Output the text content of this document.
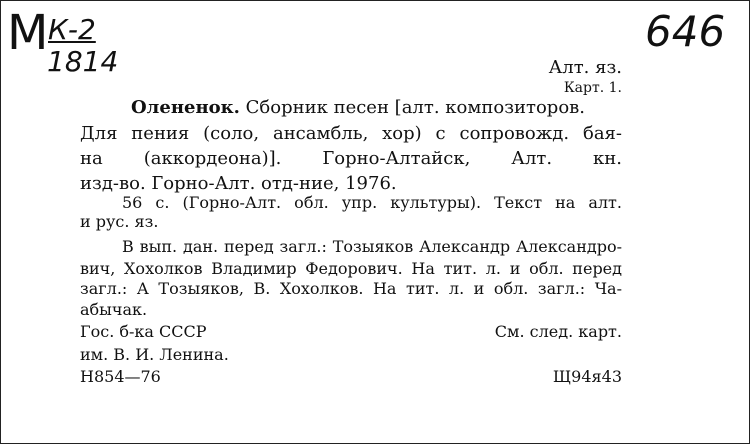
М К-2
1814
646
Алт. яз.
Карт. 1.
Олененок. Сборник песен [алт. композиторов.
Для пения (соло, ансамбль, хор) с сопровожд. бая-
на (аккордеона)]. Горно-Алтайск, Алт. кн.
изд-во. Горно-Алт. отд-ние, 1976.
56 с. (Горно-Алт. обл. упр. культуры). Текст на алт.
и рус. яз.
В вып. дан. перед загл.: Тозыяков Александр Александро-
вич, Хохолков Владимир Федорович. На тит. л. и обл. перед
загл.: А Тозыяков, В. Хохолков. На тит. л. и обл. загл.: Ча-
абычак.
Гос. б-ка СССР	См. след. карт.
им. В. И. Ленина.
Н854—76	Щ94я43
